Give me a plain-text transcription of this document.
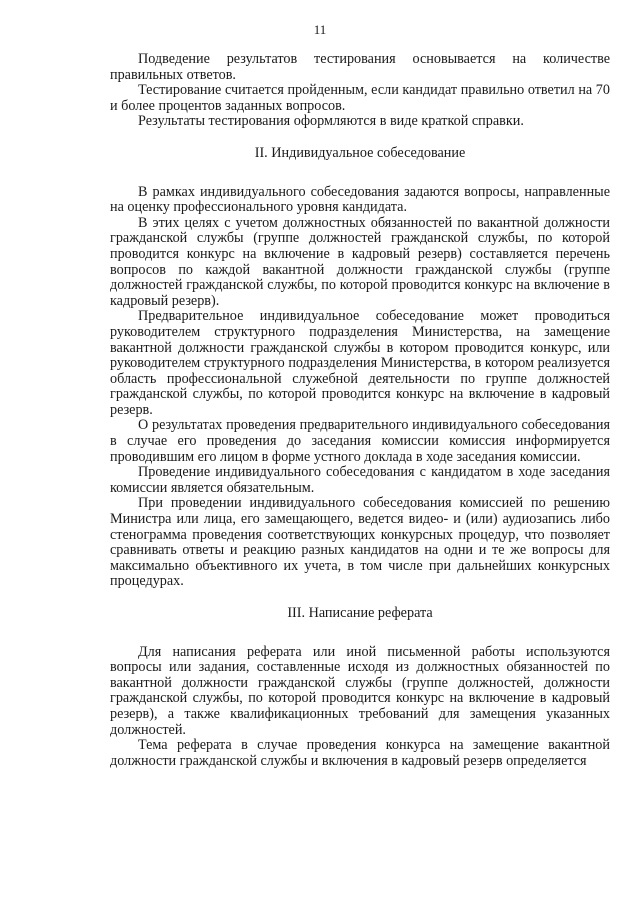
11

Подведение результатов тестирования основывается на количестве правильных ответов.

Тестирование считается пройденным, если кандидат правильно ответил на 70 и более процентов заданных вопросов.

Результаты тестирования оформляются в виде краткой справки.

II. Индивидуальное собеседование

В рамках индивидуального собеседования задаются вопросы, направленные на оценку профессионального уровня кандидата.

В этих целях с учетом должностных обязанностей по вакантной должности гражданской службы (группе должностей гражданской службы, по которой проводится конкурс на включение в кадровый резерв) составляется перечень вопросов по каждой вакантной должности гражданской службы (группе должностей гражданской службы, по которой проводится конкурс на включение в кадровый резерв).

Предварительное индивидуальное собеседование может проводиться руководителем структурного подразделения Министерства, на замещение вакантной должности гражданской службы в котором проводится конкурс, или руководителем структурного подразделения Министерства, в котором реализуется область профессиональной служебной деятельности по группе должностей гражданской службы, по которой проводится конкурс на включение в кадровый резерв.

О результатах проведения предварительного индивидуального собеседования в случае его проведения до заседания комиссии комиссия информируется проводившим его лицом в форме устного доклада в ходе заседания комиссии.

Проведение индивидуального собеседования с кандидатом в ходе заседания комиссии является обязательным.

При проведении индивидуального собеседования комиссией по решению Министра или лица, его замещающего, ведется видео- и (или) аудиозапись либо стенограмма проведения соответствующих конкурсных процедур, что позволяет сравнивать ответы и реакцию разных кандидатов на одни и те же вопросы для максимально объективного их учета, в том числе при дальнейших конкурсных процедурах.

III. Написание реферата

Для написания реферата или иной письменной работы используются вопросы или задания, составленные исходя из должностных обязанностей по вакантной должности гражданской службы (группе должностей, должности гражданской службы, по которой проводится конкурс на включение в кадровый резерв), а также квалификационных требований для замещения указанных должностей.

Тема реферата в случае проведения конкурса на замещение вакантной должности гражданской службы и включения в кадровый резерв определяется
